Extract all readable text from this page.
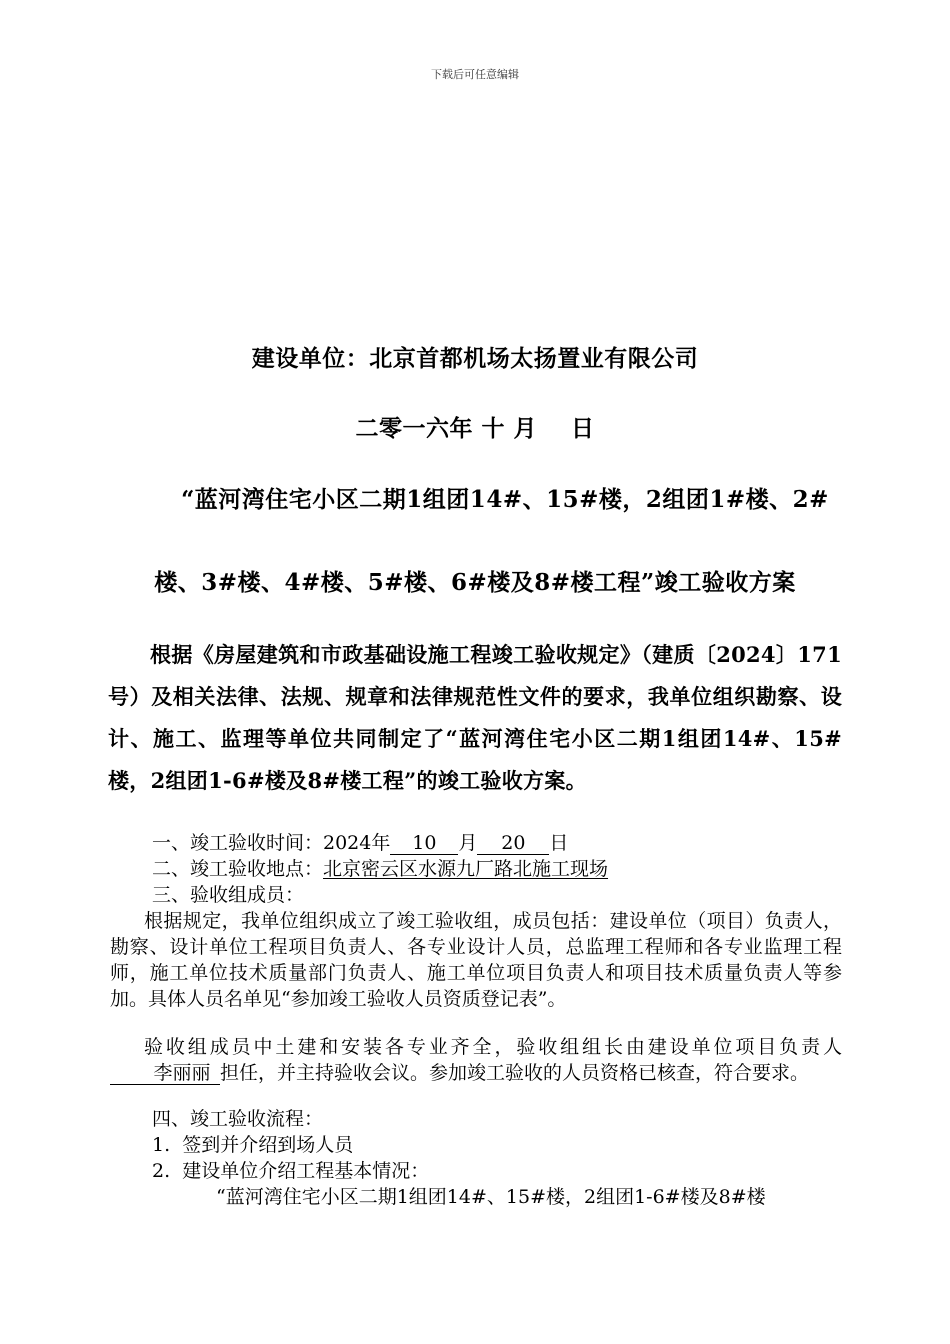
下载后可任意编辑
建设单位：北京首都机场太扬置业有限公司
二零一六年 十 月    日
“蓝河湾住宅小区二期1组团14#、15#楼，2组团1#楼、2#
楼、3#楼、4#楼、5#楼、6#楼及8#楼工程”竣工验收方案
根据《房屋建筑和市政基础设施工程竣工验收规定》（建质〔2024〕171号）及相关法律、法规、规章和法律规范性文件的要求，我单位组织勘察、设计、施工、监理等单位共同制定了“蓝河湾住宅小区二期1组团14#、15#楼，2组团1-6#楼及8#楼工程”的竣工验收方案。
一、竣工验收时间：2024年 10 月 20 日
二、竣工验收地点：北京密云区水源九厂路北施工现场
三、验收组成员：
根据规定，我单位组织成立了竣工验收组，成员包括：建设单位（项目）负责人，勘察、设计单位工程项目负责人、各专业设计人员，总监理工程师和各专业监理工程师，施工单位技术质量部门负责人、施工单位项目负责人和项目技术质量负责人等参加。具体人员名单见“参加竣工验收人员资质登记表”。
验收组成员中土建和安装各专业齐全，验收组组长由建设单位项目负责人李丽丽 担任，并主持验收会议。参加竣工验收的人员资格已核查，符合要求。
四、竣工验收流程：
1.  签到并介绍到场人员
2.  建设单位介绍工程基本情况：
“蓝河湾住宅小区二期1组团14#、15#楼，2组团1-6#楼及8#楼
